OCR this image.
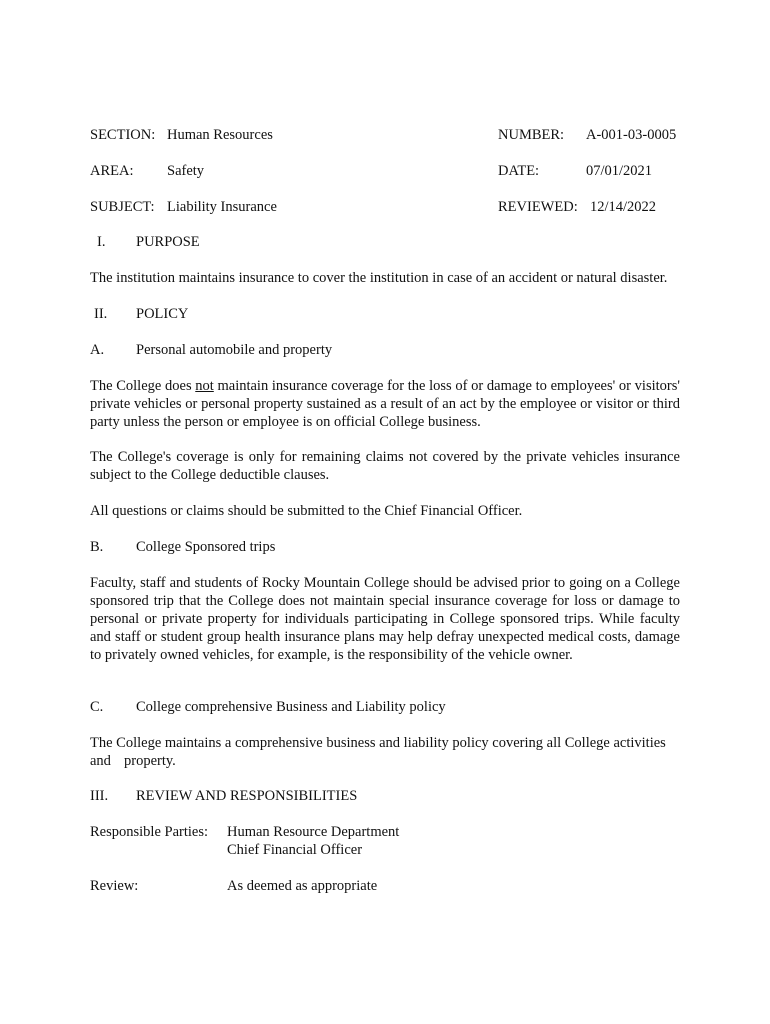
SECTION: Human Resources	NUMBER: A-001-03-0005
AREA: Safety	DATE:	07/01/2021
SUBJECT: Liability Insurance	REVIEWED: 12/14/2022
I. PURPOSE
The institution maintains insurance to cover the institution in case of an accident or natural disaster.
II. POLICY
A. Personal automobile and property
The College does not maintain insurance coverage for the loss of or damage to employees' or visitors' private vehicles or personal property sustained as a result of an act by the employee or visitor or third party unless the person or employee is on official College business.
The College's coverage is only for remaining claims not covered by the private vehicles insurance subject to the College deductible clauses.
All questions or claims should be submitted to the Chief Financial Officer.
B. College Sponsored trips
Faculty, staff and students of Rocky Mountain College should be advised prior to going on a College sponsored trip that the College does not maintain special insurance coverage for loss or damage to personal or private property for individuals participating in College sponsored trips. While faculty and staff or student group health insurance plans may help defray unexpected medical costs, damage to privately owned vehicles, for example, is the responsibility of the vehicle owner.
C. College comprehensive Business and Liability policy
The College maintains a comprehensive business and liability policy covering all College activities
and property.
III. REVIEW AND RESPONSIBILITIES
Responsible Parties: Human Resource Department
Chief Financial Officer
Review:	As deemed as appropriate
